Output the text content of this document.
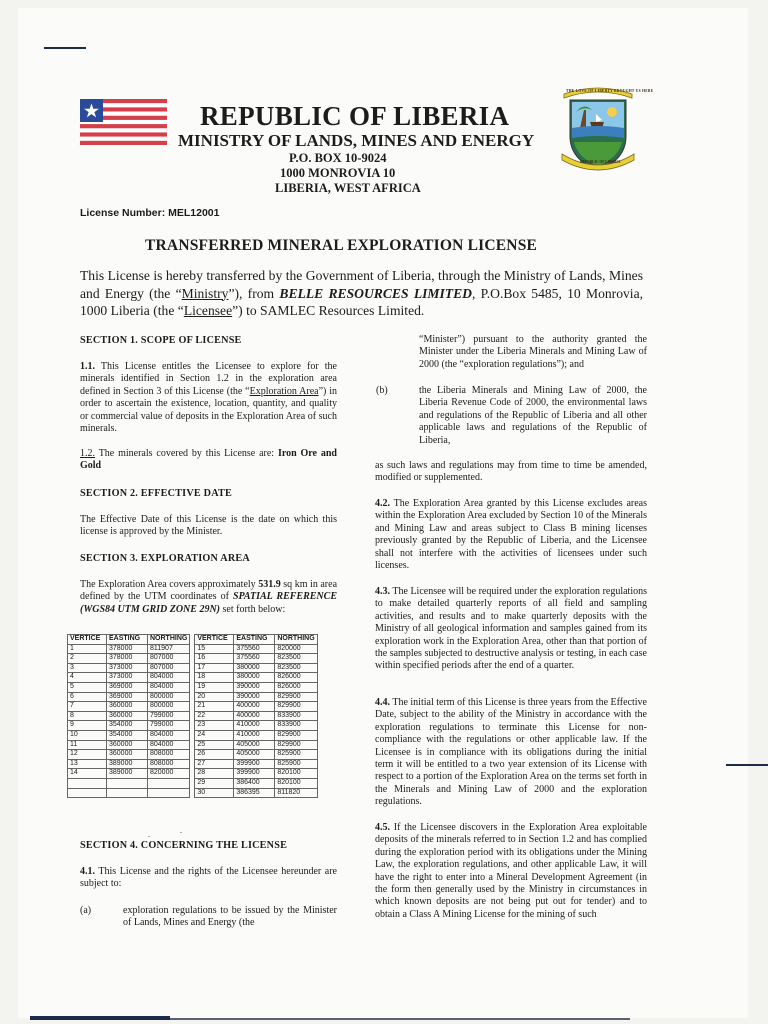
THE LOVE OF LIBERTY BROUGHT US HERE
REPUBLIC OF LIBERIA
REPUBLIC OF LIBERIA
MINISTRY OF LANDS, MINES AND ENERGY
P.O. BOX 10-9024
1000 MONROVIA 10
LIBERIA, WEST AFRICA
License Number: MEL12001
TRANSFERRED MINERAL EXPLORATION LICENSE
This License is hereby transferred by the Government of Liberia, through the Ministry of Lands, Mines and Energy (the “Ministry”), from BELLE RESOURCES LIMITED, P.O.Box 5485, 10 Monrovia, 1000 Liberia (the “Licensee”) to SAMLEC Resources Limited.
SECTION 1. SCOPE OF LICENSE
1.1. This License entitles the Licensee to explore for the minerals identified in Section 1.2 in the exploration area defined in Section 3 of this License (the “Exploration Area”) in order to ascertain the existence, location, quantity, and quality or commercial value of deposits in the Exploration Area of such minerals.
1.2. The minerals covered by this License are: Iron Ore and Gold
SECTION 2. EFFECTIVE DATE
The Effective Date of this License is the date on which this license is approved by the Minister.
SECTION 3. EXPLORATION AREA
The Exploration Area covers approximately 531.9 sq km in area defined by the UTM coordinates of SPATIAL REFERENCE (WGS84 UTM GRID ZONE 29N) set forth below:
VERTICE	EASTING	NORTHING		VERTICE	EASTING	NORTHING
1	378000	811907		15	375560	820000
2	378000	807000		16	375560	823500
3	373000	807000		17	380000	823500
4	373000	804000		18	380000	826000
5	369000	804000		19	390000	826000
6	369000	800000		20	390000	829900
7	360000	800000		21	400000	829900
8	360000	799000		22	400000	833900
9	354000	799000		23	410000	833900
10	354000	804000		24	410000	829900
11	360000	804000		25	405000	829900
12	360000	808000		26	405000	825900
13	389000	808000		27	399900	825900
14	389000	820000		28	399900	820100
				29	386400	820100
				30	386395	811820
.	.
SECTION 4. CONCERNING THE LICENSE
4.1. This License and the rights of the Licensee hereunder are subject to:
(a)	exploration regulations to be issued by the Minister of Lands, Mines and Energy (the
“Minister”) pursuant to the authority granted the Minister under the Liberia Minerals and Mining Law of 2000 (the “exploration regulations”); and
(b)	the Liberia Minerals and Mining Law of 2000, the Liberia Revenue Code of 2000, the environmental laws and regulations of the Republic of Liberia and all other applicable laws and regulations of the Republic of Liberia,
as such laws and regulations may from time to time be amended, modified or supplemented.
4.2. The Exploration Area granted by this License excludes areas within the Exploration Area excluded by Section 10 of the Minerals and Mining Law and areas subject to Class B mining licenses previously granted by the Republic of Liberia, and the Licensee shall not interfere with the activities of licensees under such licenses.
4.3. The Licensee will be required under the exploration regulations to make detailed quarterly reports of all field and sampling activities, and results and to make quarterly deposits with the Ministry of all geological information and samples gained from its exploration work in the Exploration Area, other than that portion of the samples subjected to destructive analysis or testing, in each case within specified periods after the end of a quarter.
4.4. The initial term of this License is three years from the Effective Date, subject to the ability of the Ministry in accordance with the exploration regulations to terminate this License for non-compliance with the regulations or other applicable law. If the Licensee is in compliance with its obligations during the initial term it will be entitled to a two year extension of its License with respect to a portion of the Exploration Area on the terms set forth in the Minerals and Mining Law of 2000 and the exploration regulations.
4.5. If the Licensee discovers in the Exploration Area exploitable deposits of the minerals referred to in Section 1.2 and has complied during the exploration period with its obligations under the Mining Law, the exploration regulations, and other applicable Law, it will have the right to enter into a Mineral Development Agreement (in the form then generally used by the Ministry in circumstances in which known deposits are not being put out for tender) and to obtain a Class A Mining License for the mining of such
